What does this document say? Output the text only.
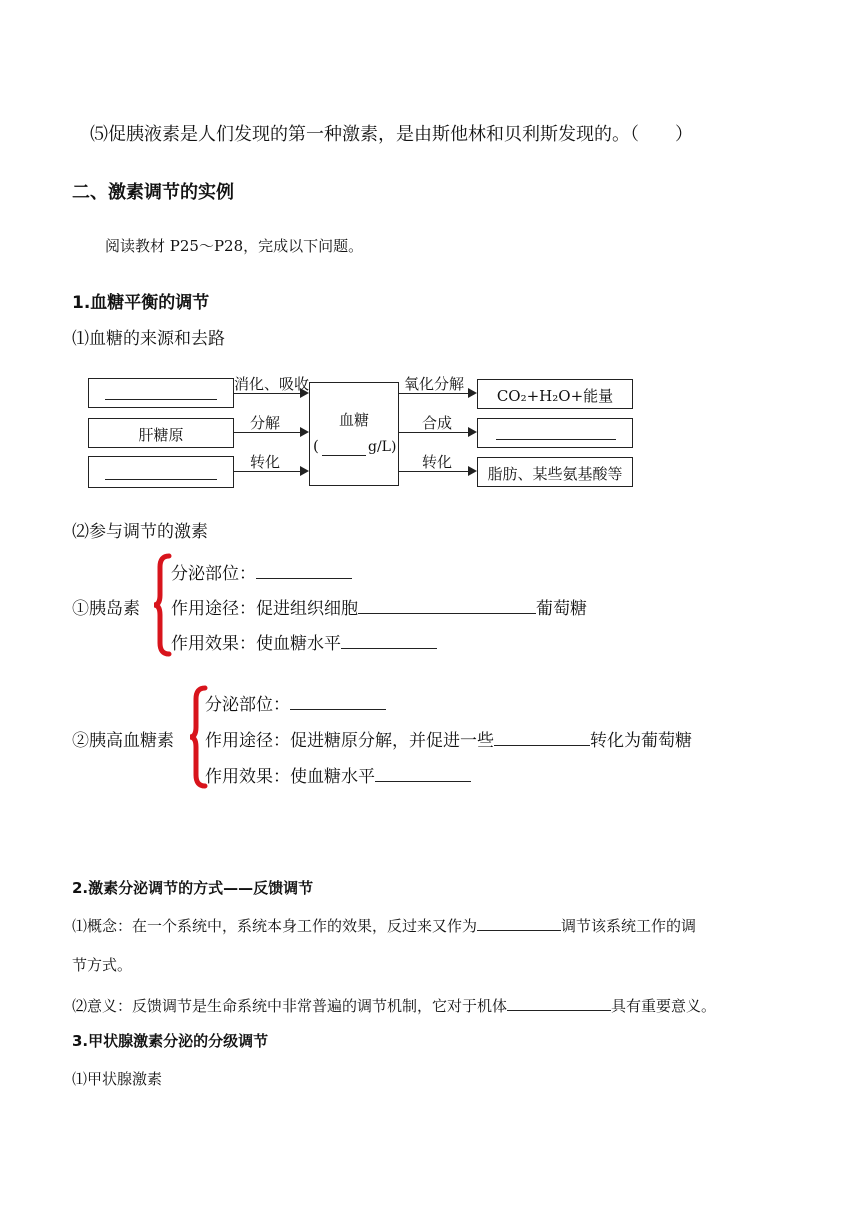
⑸促胰液素是人们发现的第一种激素，是由斯他林和贝利斯发现的。（　　）
二、激素调节的实例
阅读教材 P25～P28，完成以下问题。
1.血糖平衡的调节
⑴血糖的来源和去路
肝糖原
消化、吸收
分解
转化
血糖
(	g/L)
氧化分解
合成
转化
CO₂+H₂O+能量
脂肪、某些氨基酸等
⑵参与调节的激素
①胰岛素
分泌部位：
作用途径：促进组织细胞	葡萄糖
作用效果：使血糖水平
②胰高血糖素
分泌部位：
作用途径：促进糖原分解，并促进一些	转化为葡萄糖
作用效果：使血糖水平
2.激素分泌调节的方式——反馈调节
⑴概念：在一个系统中，系统本身工作的效果，反过来又作为	调节该系统工作的调
节方式。
⑵意义：反馈调节是生命系统中非常普遍的调节机制，它对于机体	具有重要意义。
3.甲状腺激素分泌的分级调节
⑴甲状腺激素
